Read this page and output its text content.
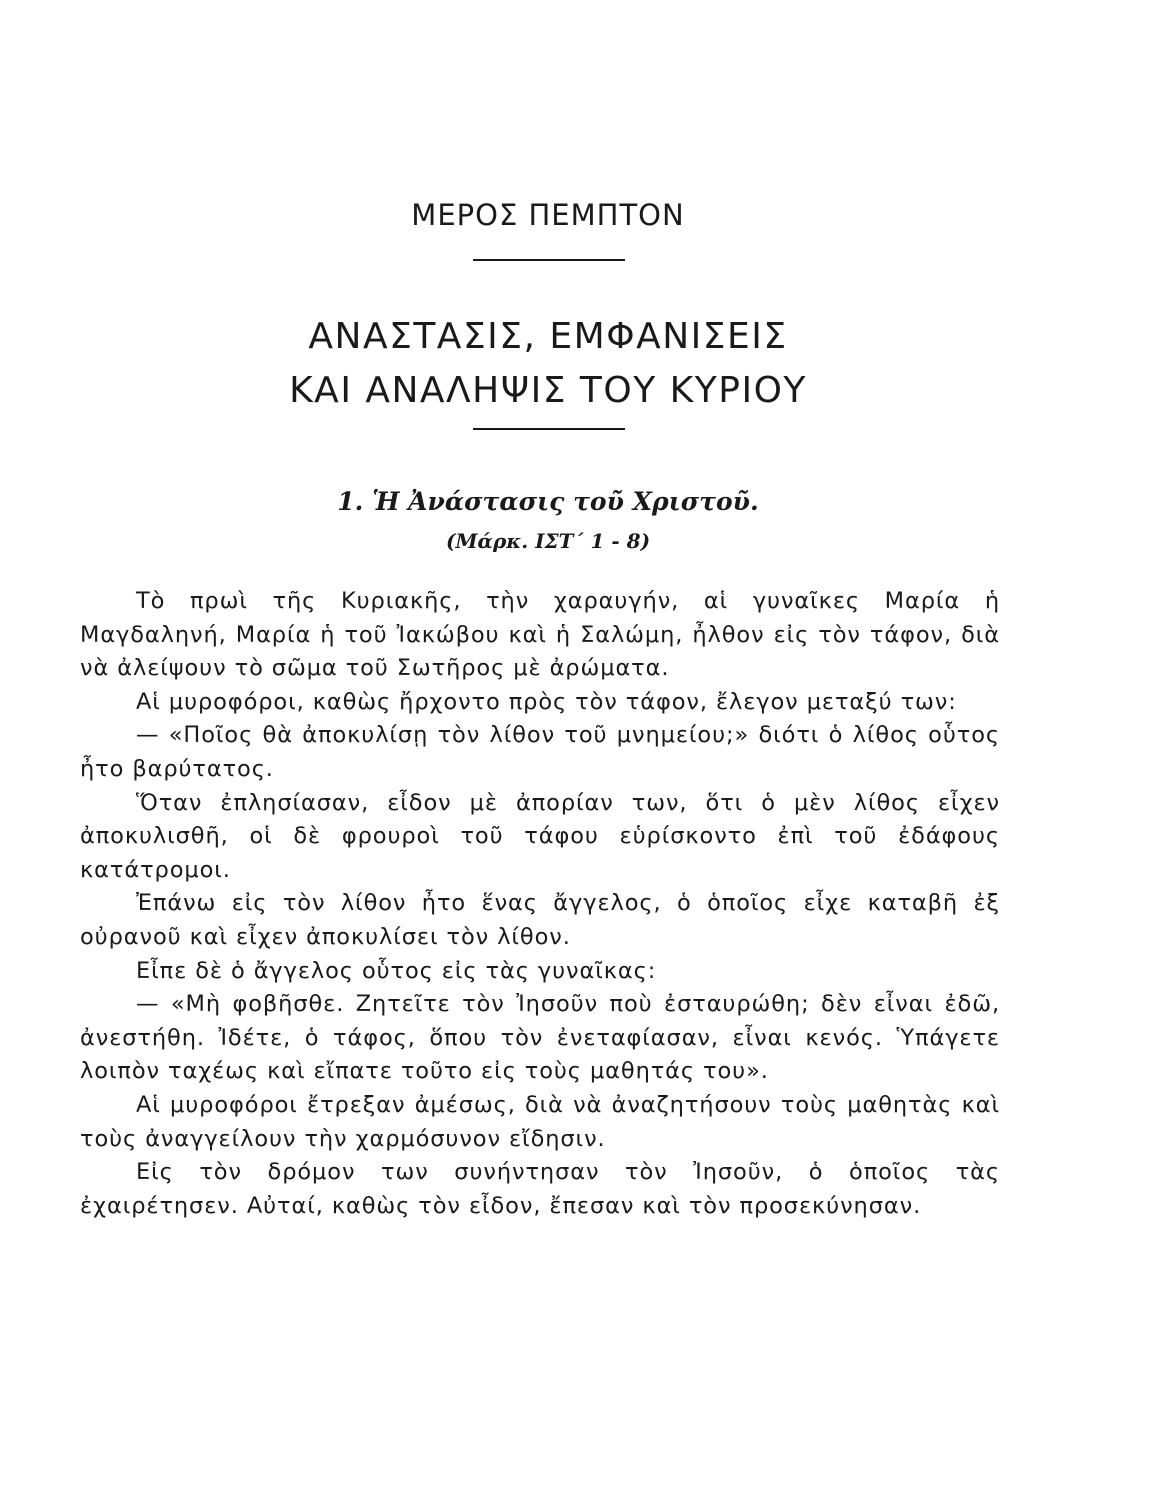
ΜΕΡΟΣ ΠΕΜΠΤΟΝ
ΑΝΑΣΤΑΣΙΣ, ΕΜΦΑΝΙΣΕΙΣ
ΚΑΙ ΑΝΑΛΗΨΙΣ ΤΟΥ ΚΥΡΙΟΥ
1. Ἡ Ἀνάστασις τοῦ Χριστοῦ.
(Μάρκ. ΙΣΤ΄ 1 - 8)

Τὸ πρωὶ τῆς Κυριακῆς, τὴν χαραυγήν, αἱ γυναῖκες Μαρία ἡ Μαγδαληνή, Μαρία ἡ τοῦ Ἰακώβου καὶ ἡ Σαλώμη, ἦλθον εἰς τὸν τάφον, διὰ νὰ ἀλείψουν τὸ σῶμα τοῦ Σωτῆρος μὲ ἀρώματα.

Αἱ μυροφόροι, καθὼς ἤρχοντο πρὸς τὸν τάφον, ἔλεγον μεταξύ των:

— «Ποῖος θὰ ἀποκυλίσῃ τὸν λίθον τοῦ μνημείου;» διότι ὁ λίθος οὗτος ἦτο βαρύτατος.

Ὅταν ἐπλησίασαν, εἶδον μὲ ἀπορίαν των, ὅτι ὁ μὲν λίθος εἶχεν ἀποκυλισθῆ, οἱ δὲ φρουροὶ τοῦ τάφου εὑρίσκοντο ἐπὶ τοῦ ἐδάφους κατάτρομοι.

Ἐπάνω εἰς τὸν λίθον ἦτο ἕνας ἄγγελος, ὁ ὁποῖος εἶχε καταβῆ ἐξ οὐρανοῦ καὶ εἶχεν ἀποκυλίσει τὸν λίθον.

Εἶπε δὲ ὁ ἄγγελος οὗτος εἰς τὰς γυναῖκας:

— «Μὴ φοβῆσθε. Ζητεῖτε τὸν Ἰησοῦν ποὺ ἐσταυρώθη; δὲν εἶναι ἐδῶ, ἀνεστήθη. Ἰδέτε, ὁ τάφος, ὅπου τὸν ἐνεταφίασαν, εἶναι κενός. Ὑπάγετε λοιπὸν ταχέως καὶ εἴπατε τοῦτο εἰς τοὺς μαθητάς του».

Αἱ μυροφόροι ἔτρεξαν ἀμέσως, διὰ νὰ ἀναζητήσουν τοὺς μαθητὰς καὶ τοὺς ἀναγγείλουν τὴν χαρμόσυνον εἴδησιν.

Εἰς τὸν δρόμον των συνήντησαν τὸν Ἰησοῦν, ὁ ὁποῖος τὰς ἐχαιρέτησεν. Αὐταί, καθὼς τὸν εἶδον, ἔπεσαν καὶ τὸν προσεκύνησαν.
